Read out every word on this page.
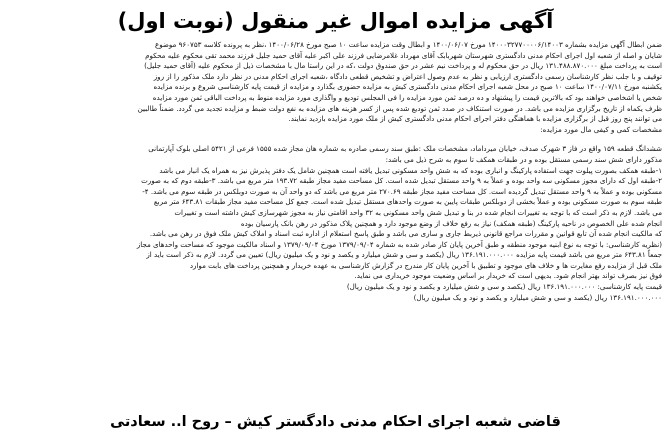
آگهی مزایده اموال غیر منقول (نوبت اول)

ضمن ابطال آگهی مزایده بشماره ۱۴۰۰۰۳۲۷۷۰۰۰۰۶/۱۴۰۰۳ مورخ ۱۴۰۰/۰۶/۰۷ و ابطال وقت مزایده ساعت ۱۰ صبح مورخ ۱۴۰۰/۰۶/۲۸ ،نظر به پرونده کلاسه ۹۶۰۷۵۳ موضوع

شایان و اصله از شعبه اول اجرای احکام مدنی دادگستری شهرستان شهربابک آقای مهرداد غلامرضایی فرزند علی اکبر علیه آقای حمید جلیل فرزند محمد تقی محکوم علیه محکوم

است به پرداخت مبلغ ۱۳۱.۴۸۸.۸۷۰.۰۰۰ ریال در حق محکوم له و پرداخت نیم عشر در حق صندوق دولت ،که در این راستا مال با مشخصات ذیل از محکوم علیه (آقای حمید جلیل)

توقیف و با جلب نظر کارشناسان رسمی دادگستری ارزیابی و نظر به عدم وصول اعتراض و تشخیص قطعی دادگاه ،شعبه اجرای احکام مدنی در نظر دارد ملک مذکور را از روز

یکشنبه مورخ ۱۴۰۰/۰۷/۱۱ ساعت ۱۰ صبح در محل شعبه اجرای احکام مدنی دادگستری کیش به مزایده حضوری بگذارد و مزایده از قیمت پایه کارشناسی شروع و برنده مزایده

شخص یا اشخاصی خواهند بود که بالاترین قیمت را پیشنهاد و ده درصد ثمن مورد مزایده را فی المجلس تودیع و واگذاری مورد مزایده منوط به پرداخت الباقی ثمن مورد مزایده

ظرف یکماه از تاریخ برگزاری مزایده می باشد. در صورت استنکاف در صدد ثمن تودیع شده پس از کسر هزینه های مزایده به نفع دولت ضبط و مزایده تجدید می گردد. ضمناً طالبین

می توانند پنج روز قبل از برگزاری مزایده با هماهنگی دفتر اجرای احکام مدنی دادگستری کیش از ملک مورد مزایده بازدید نمایند.

مشخصات کمی و کیفی مال مورد مزایده:

ششدانگ قطعه ۱۵۹ واقع در فاز ۳ شهرک صدف، خیابان میرداماد، مشخصات ملک :طبق سند رسمی صادره به شماره هان مجاز شده ۱۵۵۵ فرعی از ۵۴۲۱ اصلی بلوک آپارتمانی

مذکور دارای شش سند رسمی مستقل بوده و در طبقات همکف تا سوم به شرح ذیل می باشد:

۱-طبقه همکف بصورت پیلوت جهت استفاده پارکینگ و انباری بوده که به شش واحد مسکونی تبدیل یافته است همچنین شامل یک دفتر پذیرش نیز به همراه یک انبار می باشد

۲-طبقه اول که دارای مجوز مسکونی سه واحد بوده و عملاً به ۹ واحد مستقل تبدیل شده است. کل مساحت مفید مجاز طبقه ۱۹۳.۷۲ متر مربع می باشد. ۳-طبقه دوم که به صورت

مسکونی بوده و عملاً به ۹ واحد مستقل تبدیل گردیده است. کل مساحت مفید مجاز طبقه ۲۷۰.۶۹ متر مربع می باشد که دو واحد آن به صورت دوبلکس در طبقه سوم می باشد. ۴-

طبقه سوم به صورت مسکونی بوده و عملاً بخشی از دوبلکس طبقات پایین به صورت واحدهای مستقل تبدیل شده است. جمع کل مساحت مفید مجاز طبقات ۶۴۳.۸۱ متر مربع

می باشد. لازم به ذکر است که با توجه به تغییرات انجام شده در بنا و تبدیل شش واحد مسکونی به ۳۲ واحد اقامتی نیاز به مجوز شهرسازی کیش داشته است و تغییرات

انجام شده علی الخصوص در ناحیه پارکینگ (طبقه همکف) نیاز به رفع خلاف از وضع موجود دارد و همچنین پلاک مذکور در رهن بانک پارسیان بوده

که مالکیت انجام شده آن تابع قوانین و مقررات مراجع قانونی ذیربط جاری و ساری می باشد و طبق پاسخ استعلام از اداره ثبت اسناد و املاک کیش ملک فوق در رهن می باشد.

(نظریه کارشناسی: با توجه به نوع ابنیه موجود منطقه و طبق آخرین پایان کار صادر شده به شماره ۱۳۷۹/۰۹/۰۴ مورخ ۱۳۷۹/۰۹/۰۴ و اسناد مالکیت موجود که مساحت واحدهای مجاز

جمعاً ۶۴۳.۸۱ متر مربع می باشد قیمت پایه مزایده ۱۳۶.۱۹۱.۰۰۰.۰۰۰ ریال (یکصد و سی و شش میلیارد و یکصد و نود و یک میلیون ریال) تعیین می گردد. لازم به ذکر است باید از

ملک قبل از مزایده رفع مغایرت ها و خلاف های موجود و تطبیق با آخرین پایان کار مندرج در گزارش کارشناسی به عهده خریدار و همچنین پرداخت های بابت موارد

فوق نیز بصرف تواند بهتر انجام شود. بدیهی است که خریدار بر اساس وضعیت موجود خریداری می نماید.

قیمت پایه کارشناسی: ۱۳۶.۱۹۱.۰۰۰.۰۰۰ ریال (یکصد و سی و شش میلیارد و یکصد و نود و یک میلیون ریال)

۱۳۶.۱۹۱.۰۰۰.۰۰۰ ریال (یکصد و سی و شش میلیارد و یکصد و نود و یک میلیون ریال)

قاضی شعبه اجرای احکام مدنی دادگستر کیش – روح ا.. سعادتی
